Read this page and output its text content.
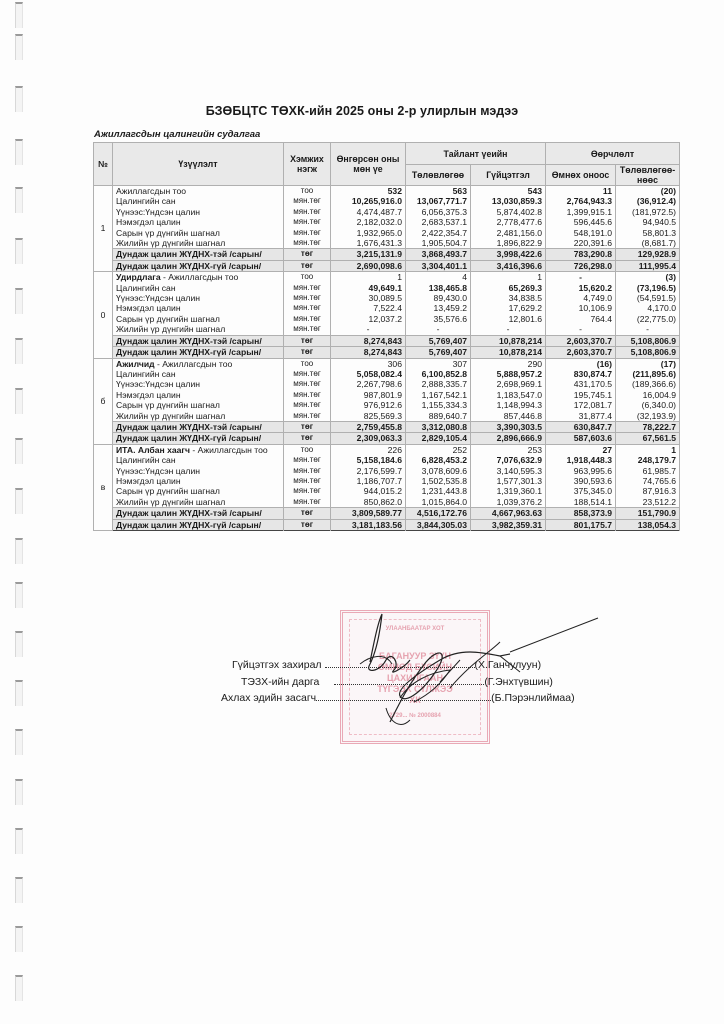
БЗӨБЦТС ТӨХК-ийн 2025 оны 2-р улирлын мэдээ
Ажиллагсдын цалингийн судалгаа
№	Үзүүлэлт	Хэмжих нэгж	Өнгөрсөн оны мөн үе	Тайлант үеийн		Өөрчлөлт	
				Төлөвлөгөө	Гүйцэтгэл	Өмнөх оноос	Төлөвлөгөө-нөөс
1	Ажиллагсдын тоо	тоо	532	563	543	11	(20)
	Цалингийн сан	мян.төг	10,265,916.0	13,067,771.7	13,030,859.3	2,764,943.3	(36,912.4)
	Үүнээс:Үндсэн цалин	мян.төг	4,474,487.7	6,056,375.3	5,874,402.8	1,399,915.1	(181,972.5)
	Нэмэгдэл цалин	мян.төг	2,182,032.0	2,683,537.1	2,778,477.6	596,445.6	94,940.5
	Сарын үр дүнгийн шагнал	мян.төг	1,932,965.0	2,422,354.7	2,481,156.0	548,191.0	58,801.3
	Жилийн үр дүнгийн шагнал	мян.төг	1,676,431.3	1,905,504.7	1,896,822.9	220,391.6	(8,681.7)
	Дундаж цалин ЖҮДНХ-тэй /сарын/	төг	3,215,131.9	3,868,493.7	3,998,422.6	783,290.8	129,928.9
	Дундаж цалин ЖҮДНХ-гүй /сарын/	төг	2,690,098.6	3,304,401.1	3,416,396.6	726,298.0	111,995.4
0	Удирдлага - Ажиллагсдын тоо	тоо	1	4	1	-	(3)
	Цалингийн сан	мян.төг	49,649.1	138,465.8	65,269.3	15,620.2	(73,196.5)
	Үүнээс:Үндсэн цалин	мян.төг	30,089.5	89,430.0	34,838.5	4,749.0	(54,591.5)
	Нэмэгдэл цалин	мян.төг	7,522.4	13,459.2	17,629.2	10,106.9	4,170.0
	Сарын үр дүнгийн шагнал	мян.төг	12,037.2	35,576.6	12,801.6	764.4	(22,775.0)
	Жилийн үр дүнгийн шагнал	мян.төг	-	-	-	-	-
	Дундаж цалин ЖҮДНХ-тэй /сарын/	төг	8,274,843	5,769,407	10,878,214	2,603,370.7	5,108,806.9
	Дундаж цалин ЖҮДНХ-гүй /сарын/	төг	8,274,843	5,769,407	10,878,214	2,603,370.7	5,108,806.9
б	Ажилчид - Ажиллагсдын тоо	тоо	306	307	290	(16)	(17)
	Цалингийн сан	мян.төг	5,058,082.4	6,100,852.8	5,888,957.2	830,874.7	(211,895.6)
	Үүнээс:Үндсэн цалин	мян.төг	2,267,798.6	2,888,335.7	2,698,969.1	431,170.5	(189,366.6)
	Нэмэгдэл цалин	мян.төг	987,801.9	1,167,542.1	1,183,547.0	195,745.1	16,004.9
	Сарын үр дүнгийн шагнал	мян.төг	976,912.6	1,155,334.3	1,148,994.3	172,081.7	(6,340.0)
	Жилийн үр дүнгийн шагнал	мян.төг	825,569.3	889,640.7	857,446.8	31,877.4	(32,193.9)
	Дундаж цалин ЖҮДНХ-тэй /сарын/	төг	2,759,455.8	3,312,080.8	3,390,303.5	630,847.7	78,222.7
	Дундаж цалин ЖҮДНХ-гүй /сарын/	төг	2,309,063.3	2,829,105.4	2,896,666.9	587,603.6	67,561.5
в	ИТА. Албан хаагч - Ажиллагсдын тоо	тоо	226	252	253	27	1
	Цалингийн сан	мян.төг	5,158,184.6	6,828,453.2	7,076,632.9	1,918,448.3	248,179.7
	Үүнээс:Үндсэн цалин	мян.төг	2,176,599.7	3,078,609.6	3,140,595.3	963,995.6	61,985.7
	Нэмэгдэл цалин	мян.төг	1,186,707.7	1,502,535.8	1,577,301.3	390,593.6	74,765.6
	Сарын үр дүнгийн шагнал	мян.төг	944,015.2	1,231,443.8	1,319,360.1	375,345.0	87,916.3
	Жилийн үр дүнгийн шагнал	мян.төг	850,862.0	1,015,864.0	1,039,376.2	188,514.1	23,512.2
	Дундаж цалин ЖҮДНХ-тэй /сарын/	төг	3,809,589.77	4,516,172.76	4,667,963.63	858,373.9	151,790.9
	Дундаж цалин ЖҮДНХ-гүй /сарын/	төг	3,181,183.56	3,844,305.03	3,982,359.31	801,175.7	138,054.3
УЛААНБААТАР ХОТ
БАГАНУУР ЗҮҮН
ӨМНӨД БҮСИЙН
ЦАХИЛГААН
ТҮГЭЭХ СҮЛЖЭЭ
ХК
2729... № 2000884
Гүйцэтгэх захирал	(Х.Ганчулуун)
ТЭЗХ-ийн дарга	(Г.Энхтүвшин)
Ахлах эдийн засагч	(Б.Пэрэнлиймаа)
